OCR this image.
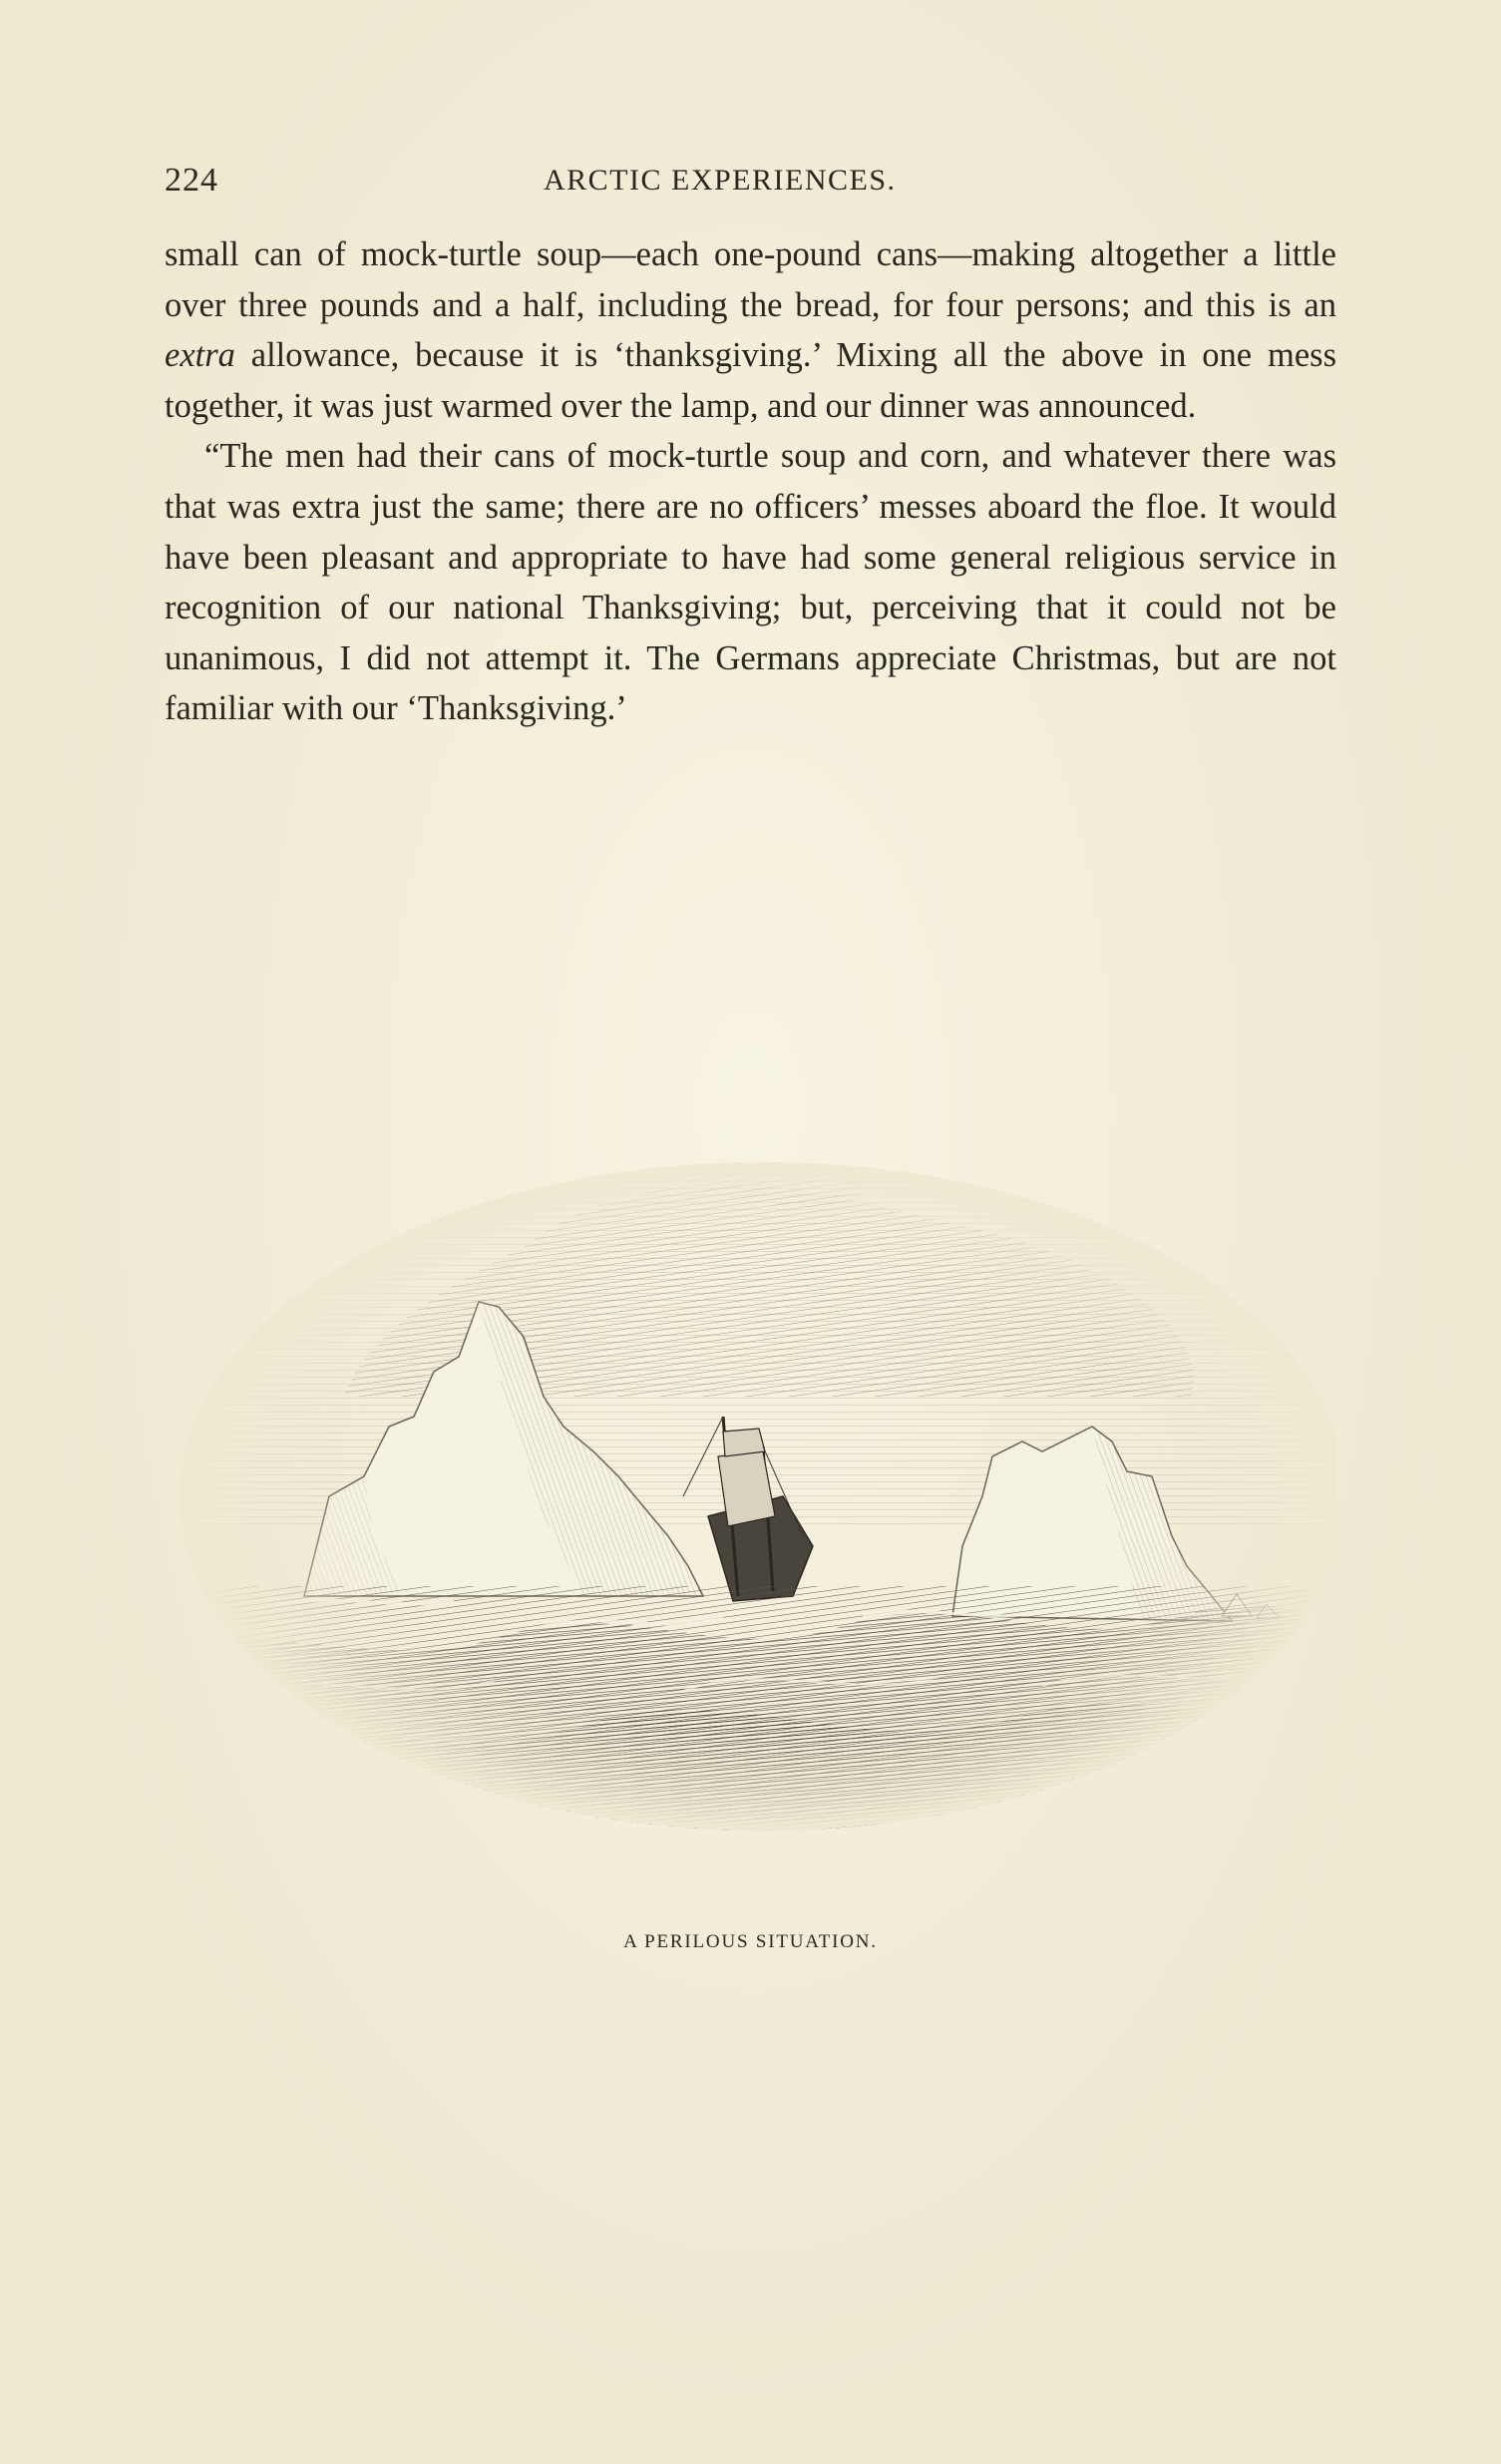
224	ARCTIC EXPERIENCES.

small can of mock-turtle soup—each one-pound cans—making altogether a little over three pounds and a half, including the bread, for four persons; and this is an extra allowance, because it is ‘thanksgiving.’ Mixing all the above in one mess together, it was just warmed over the lamp, and our dinner was announced.

“The men had their cans of mock-turtle soup and corn, and whatever there was that was extra just the same; there are no officers’ messes aboard the floe. It would have been pleasant and appropriate to have had some general religious service in recognition of our national Thanksgiving; but, perceiving that it could not be unanimous, I did not attempt it. The Germans appreciate Christmas, but are not familiar with our ‘Thanksgiving.’

A PERILOUS SITUATION.
